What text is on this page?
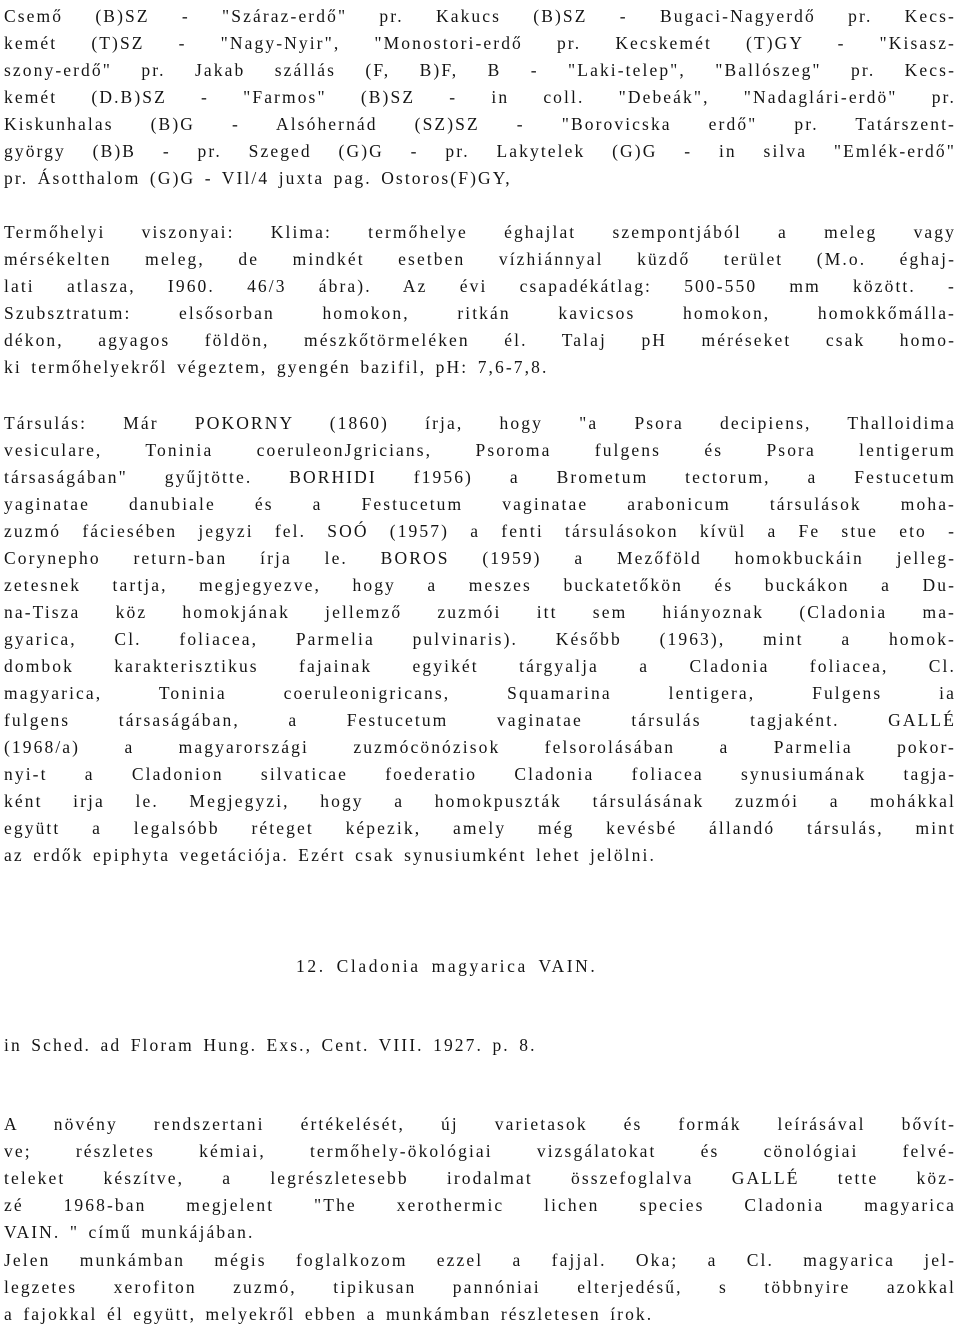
Csemő (B)SZ - "Száraz-erdő" pr. Kakucs (B)SZ - Bugaci-Nagyerdő pr. Kecs-
kemét (T)SZ - "Nagy-Nyir", "Monostori-erdő pr. Kecskemét (T)GY - "Kisasz-
szony-erdő" pr. Jakab szállás (F, B)F, B - "Laki-telep", "Ballószeg" pr. Kecs-
kemét (D.B)SZ - "Farmos" (B)SZ - in coll. "Debeák", "Nadaglári-erdö" pr.
Kiskunhalas (B)G - Alsóhernád (SZ)SZ - "Borovicska erdő" pr. Tatárszent-
györgy (B)B - pr. Szeged (G)G - pr. Lakytelek (G)G - in silva "Emlék-erdő"
pr. Ásotthalom (G)G - VIl/4 juxta pag. Ostoros(F)GY,
Termőhelyi viszonyai: Klima: termőhelye éghajlat szempontjából a meleg vagy
mérsékelten meleg, de mindkét esetben vízhiánnyal küzdő terület (M.o. éghaj-
lati atlasza, I960. 46/3 ábra). Az évi csapadékátlag: 500-550 mm között. -
Szubsztratum: elsősorban homokon, ritkán kavicsos homokon, homokkőmálla-
dékon, agyagos földön, mészkőtörmeléken él. Talaj pH méréseket csak homo-
ki termőhelyekről végeztem, gyengén bazifil, pH: 7,6-7,8.
Társulás: Már POKORNY (1860) írja, hogy "a Psora decipiens, Thalloidima
vesiculare, Toninia coeruleonJgricians, Psoroma fulgens és Psora lentigerum
társaságában" gyűjtötte. BORHIDI f1956) a Brometum tectorum, a Festucetum
yaginatae danubiale és a Festucetum vaginatae arabonicum társulások moha-
zuzmó fáciesében jegyzi fel. SOÓ (1957) a fenti társulásokon kívül a Fe stue eto -
Corynepho return-ban írja le. BOROS (1959) a Mezőföld homokbuckáin jelleg-
zetesnek tartja, megjegyezve, hogy a meszes buckatetőkön és buckákon a Du-
na-Tisza köz homokjának jellemző zuzmói itt sem hiányoznak (Cladonia ma-
gyarica, Cl. foliacea, Parmelia pulvinaris). Később (1963), mint a homok-
dombok karakterisztikus fajainak egyikét tárgyalja a Cladonia foliacea, Cl.
magyarica, Toninia coeruleonigricans, Squamarina lentigera, Fulgens ia
fulgens társaságában, a Festucetum vaginatae társulás tagjaként. GALLÉ
(1968/a) a magyarországi zuzmócönózisok felsorolásában a Parmelia pokor-
nyi-t a Cladonion silvaticae foederatio Cladonia foliacea synusiumának tagja-
ként irja le. Megjegyzi, hogy a homokpuszták társulásának zuzmói a mohákkal
együtt a legalsóbb réteget képezik, amely még kevésbé állandó társulás, mint
az erdők epiphyta vegetációja. Ezért csak synusiumként lehet jelölni.
12. Cladonia magyarica VAIN.
in Sched. ad Floram Hung. Exs., Cent. VIII. 1927. p. 8.
A növény rendszertani értékelését, új varietasok és formák leírásával bővít-
ve; részletes kémiai, termőhely-ökológiai vizsgálatokat és cönológiai felvé-
teleket készítve, a legrészletesebb irodalmat összefoglalva GALLÉ tette köz-
zé 1968-ban megjelent "The xerothermic lichen species Cladonia magyarica
VAIN. " című munkájában.
Jelen munkámban mégis foglalkozom ezzel a fajjal. Oka; a Cl. magyarica jel-
legzetes xerofiton zuzmó, tipikusan pannóniai elterjedésű, s többnyire azokkal
a fajokkal él együtt, melyekről ebben a munkámban részletesen írok.
